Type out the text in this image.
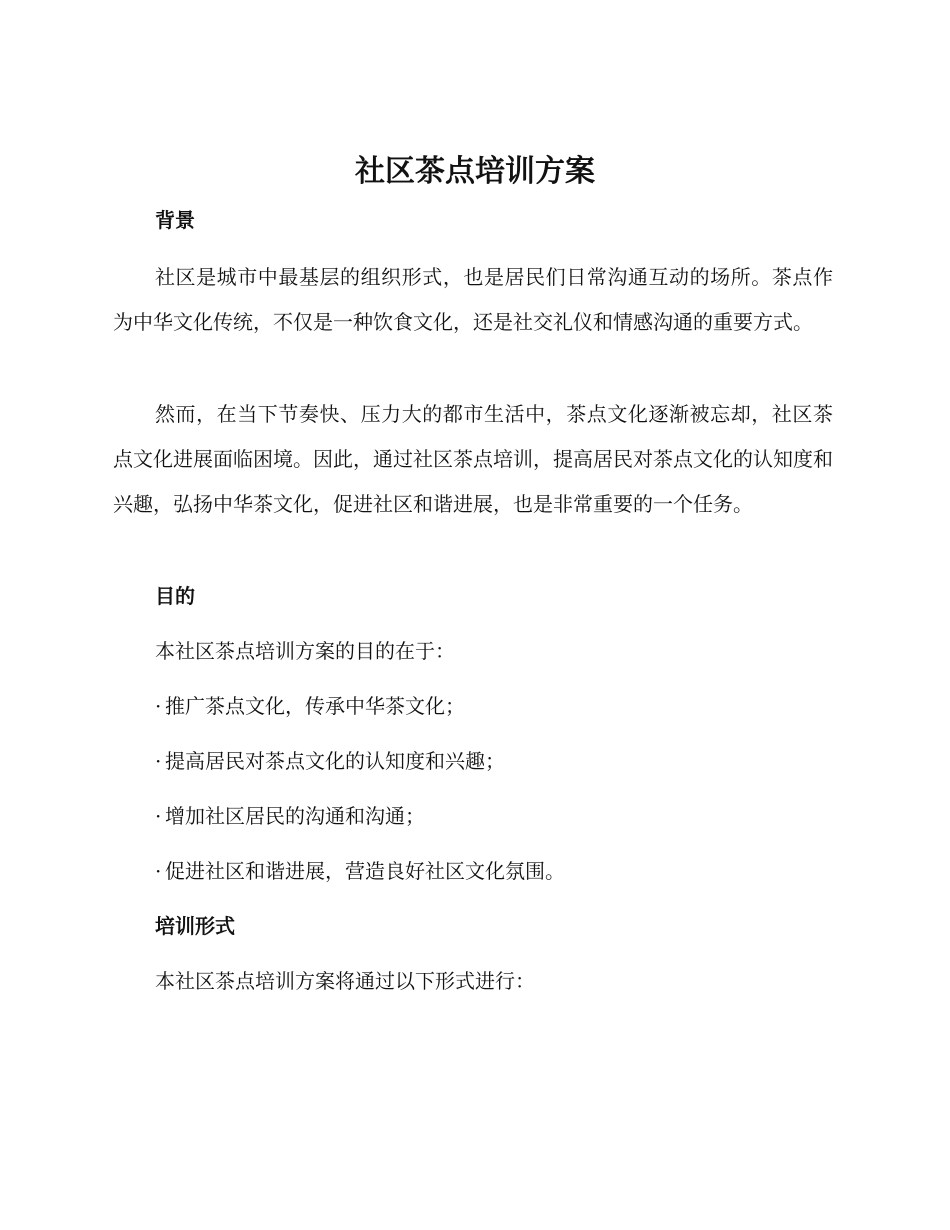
社区茶点培训方案
背景

社区是城市中最基层的组织形式，也是居民们日常沟通互动的场所。茶点作为中华文化传统，不仅是一种饮食文化，还是社交礼仪和情感沟通的重要方式。

然而，在当下节奏快、压力大的都市生活中，茶点文化逐渐被忘却，社区茶点文化进展面临困境。因此，通过社区茶点培训，提高居民对茶点文化的认知度和兴趣，弘扬中华茶文化，促进社区和谐进展，也是非常重要的一个任务。

目的

本社区茶点培训方案的目的在于：

· 推广茶点文化，传承中华茶文化；

· 提高居民对茶点文化的认知度和兴趣；

· 增加社区居民的沟通和沟通；

· 促进社区和谐进展，营造良好社区文化氛围。

培训形式

本社区茶点培训方案将通过以下形式进行：
